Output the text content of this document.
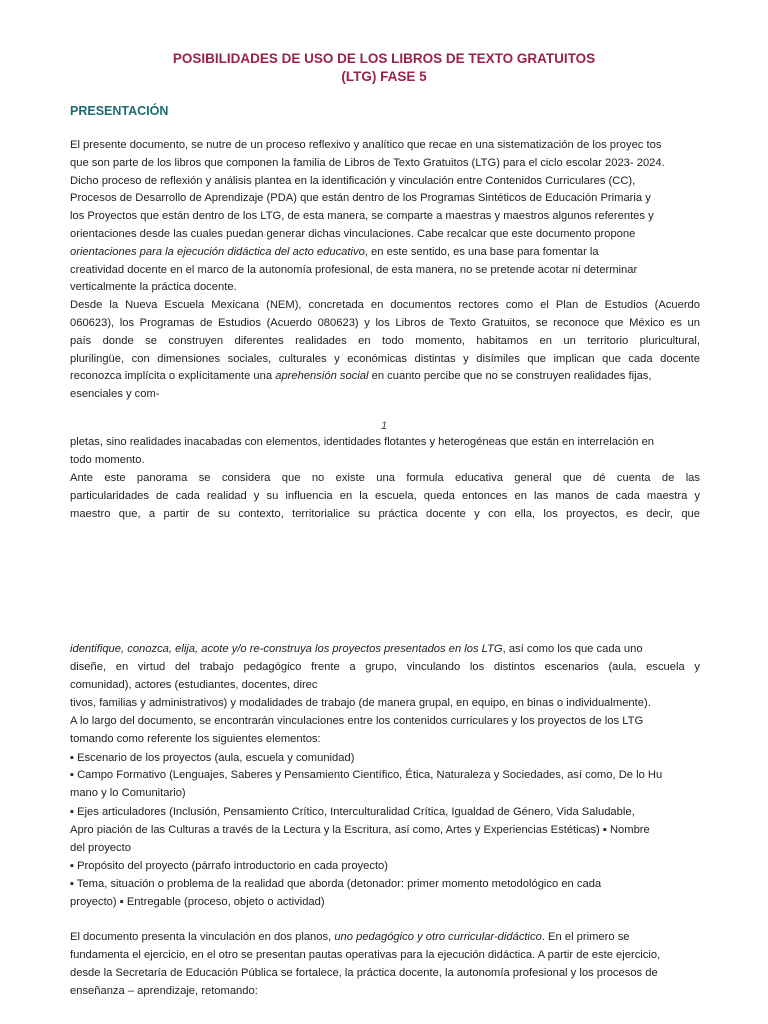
POSIBILIDADES DE USO DE LOS LIBROS DE TEXTO GRATUITOS
(LTG) FASE 5
PRESENTACIÓN
El presente documento, se nutre de un proceso reflexivo y analítico que recae en una sistematización de los proyec tos
que son parte de los libros que componen la familia de Libros de Texto Gratuitos (LTG) para el ciclo escolar 2023- 2024.
Dicho proceso de reflexión y análisis plantea en la identificación y vinculación entre Contenidos Curriculares (CC),
Procesos de Desarrollo de Aprendizaje (PDA) que están dentro de los Programas Sintéticos de Educación Primaria y
los Proyectos que están dentro de los LTG, de esta manera, se comparte a maestras y maestros algunos referentes y
orientaciones desde las cuales puedan generar dichas vinculaciones. Cabe recalcar que este documento propone
orientaciones para la ejecución didáctica del acto educativo, en este sentido, es una base para fomentar la
creatividad docente en el marco de la autonomía profesional, de esta manera, no se pretende acotar ni determinar
verticalmente la práctica docente.
Desde la Nueva Escuela Mexicana (NEM), concretada en documentos rectores como el Plan de Estudios (Acuerdo
060623), los Programas de Estudios (Acuerdo 080623) y los Libros de Texto Gratuitos, se reconoce que México es un
país donde se construyen diferentes realidades en todo momento, habitamos en un territorio pluricultural,
plurilingüe, con dimensiones sociales, culturales y económicas distintas y disímiles que implican que cada docente
reconozca implícita o explícitamente una aprehensión social en cuanto percibe que no se construyen realidades fijas,
esenciales y com-
1
pletas, sino realidades inacabadas con elementos, identidades flotantes y heterogéneas que están en interrelación en
todo momento.
Ante este panorama se considera que no existe una formula educativa general que dé cuenta de las
particularidades de cada realidad y su influencia en la escuela, queda entonces en las manos de cada maestra y
maestro que, a partir de su contexto, territorialice su práctica docente y con ella, los proyectos, es decir, que
identifique, conozca, elija, acote y/o re-construya los proyectos presentados en los LTG, así como los que cada uno
diseñe, en virtud del trabajo pedagógico frente a grupo, vinculando los distintos escenarios (aula, escuela y
comunidad), actores (estudiantes, docentes, direc
tivos, familias y administrativos) y modalidades de trabajo (de manera grupal, en equipo, en binas o individualmente).
A lo largo del documento, se encontrarán vinculaciones entre los contenidos curriculares y los proyectos de los LTG
tomando como referente los siguientes elementos:
▪ Escenario de los proyectos (aula, escuela y comunidad)
▪ Campo Formativo (Lenguajes, Saberes y Pensamiento Científico, Ética, Naturaleza y Sociedades, así como, De lo Hu
mano y lo Comunitario)
▪ Ejes articuladores (Inclusión, Pensamiento Crítico, Interculturalidad Crítica, Igualdad de Género, Vida Saludable,
Apro piación de las Culturas a través de la Lectura y la Escritura, así como, Artes y Experiencias Estéticas) ▪ Nombre
del proyecto
▪ Propósito del proyecto (párrafo introductorio en cada proyecto)
▪ Tema, situación o problema de la realidad que aborda (detonador: primer momento metodológico en cada
proyecto) ▪ Entregable (proceso, objeto o actividad)
El documento presenta la vinculación en dos planos, uno pedagógico y otro curricular-didáctico. En el primero se
fundamenta el ejercicio, en el otro se presentan pautas operativas para la ejecución didáctica. A partir de este ejercicio,
desde la Secretaría de Educación Pública se fortalece, la práctica docente, la autonomía profesional y los procesos de
enseñanza – aprendizaje, retomando:
